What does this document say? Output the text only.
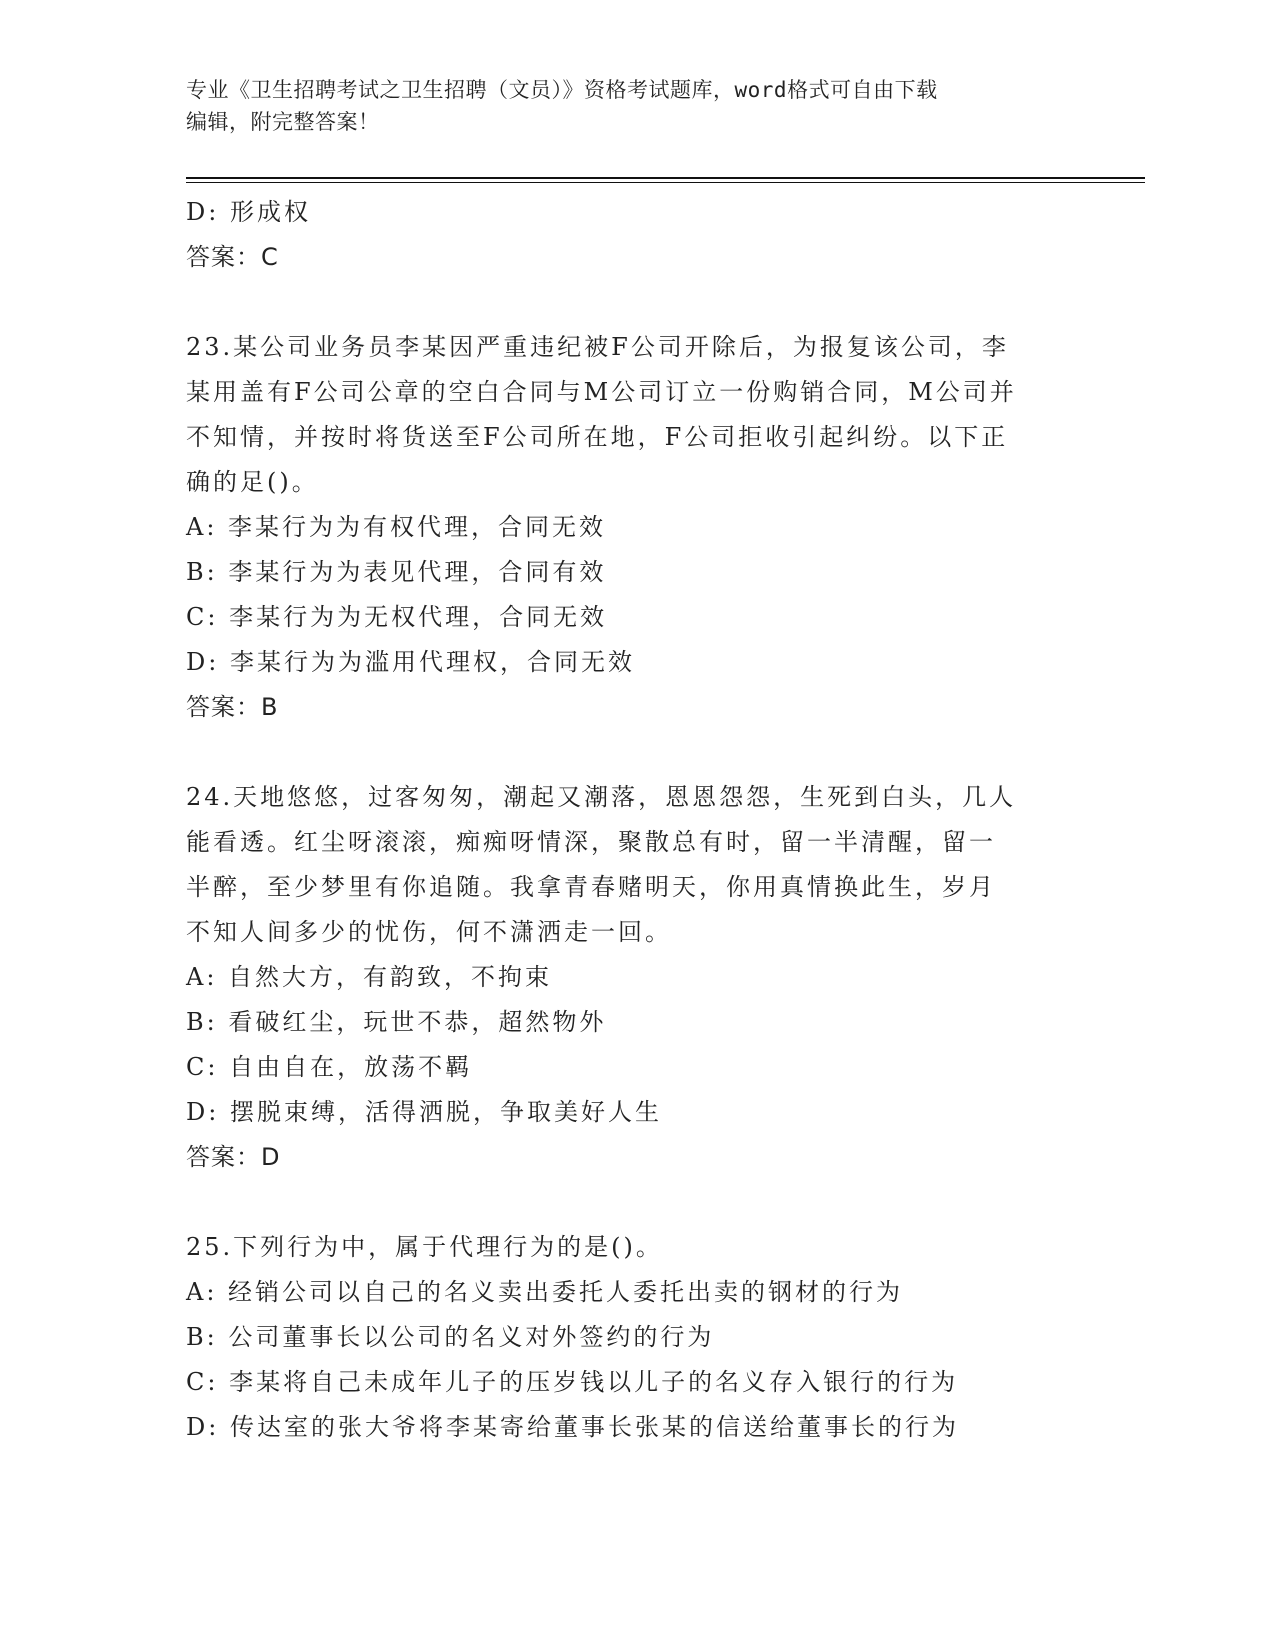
专业《卫生招聘考试之卫生招聘（文员）》资格考试题库，word格式可自由下载
编辑，附完整答案！
D: 形成权
答案：C
23.某公司业务员李某因严重违纪被F公司开除后，为报复该公司，李
某用盖有F公司公章的空白合同与M公司订立一份购销合同，M公司并
不知情，并按时将货送至F公司所在地，F公司拒收引起纠纷。以下正
确的足()。
A: 李某行为为有权代理，合同无效
B: 李某行为为表见代理，合同有效
C: 李某行为为无权代理，合同无效
D: 李某行为为滥用代理权，合同无效
答案：B
24.天地悠悠，过客匆匆，潮起又潮落，恩恩怨怨，生死到白头，几人
能看透。红尘呀滚滚，痴痴呀情深，聚散总有时，留一半清醒，留一
半醉，至少梦里有你追随。我拿青春赌明天，你用真情换此生，岁月
不知人间多少的忧伤，何不潇洒走一回。
A: 自然大方，有韵致，不拘束
B: 看破红尘，玩世不恭，超然物外
C: 自由自在，放荡不羁
D: 摆脱束缚，活得洒脱，争取美好人生
答案：D
25.下列行为中，属于代理行为的是()。
A: 经销公司以自己的名义卖出委托人委托出卖的钢材的行为
B: 公司董事长以公司的名义对外签约的行为
C: 李某将自己未成年儿子的压岁钱以儿子的名义存入银行的行为
D: 传达室的张大爷将李某寄给董事长张某的信送给董事长的行为
